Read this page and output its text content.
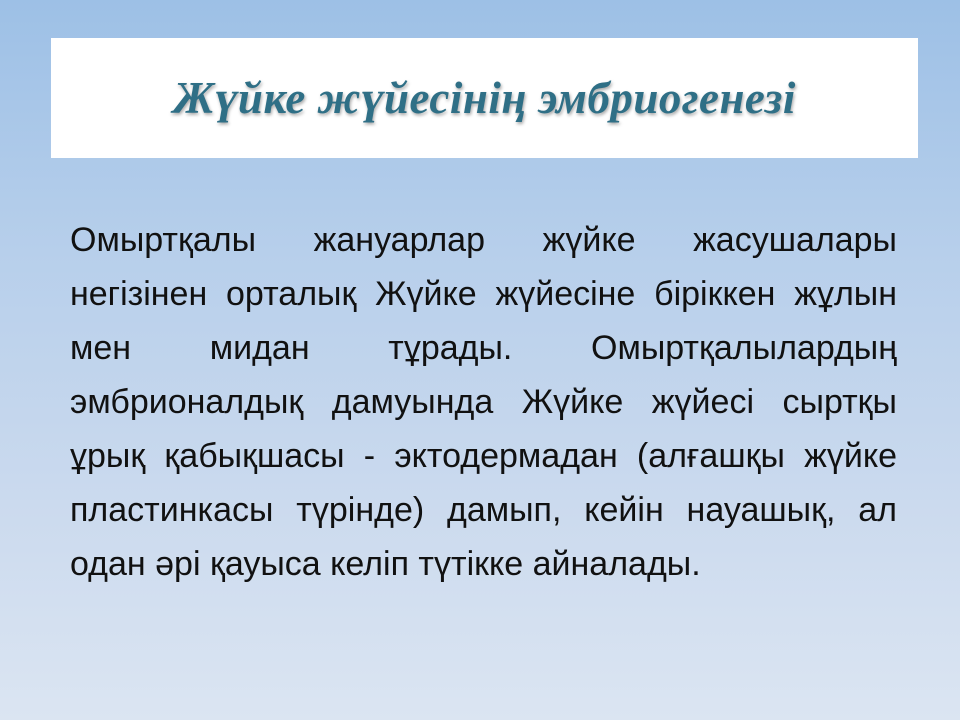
Жүйке жүйесінің эмбриогенезі

Омыртқалы жануарлар жүйке жасушалары негізінен орталық Жүйке жүйесіне біріккен жұлын мен мидан тұрады. Омыртқалылардың эмбрионалдық дамуында Жүйке жүйесі сыртқы ұрық қабықшасы - эктодермадан (алғашқы жүйке пластинкасы түрінде) дамып, кейін науашық, ал одан әрі қауыса келіп түтікке айналады.
